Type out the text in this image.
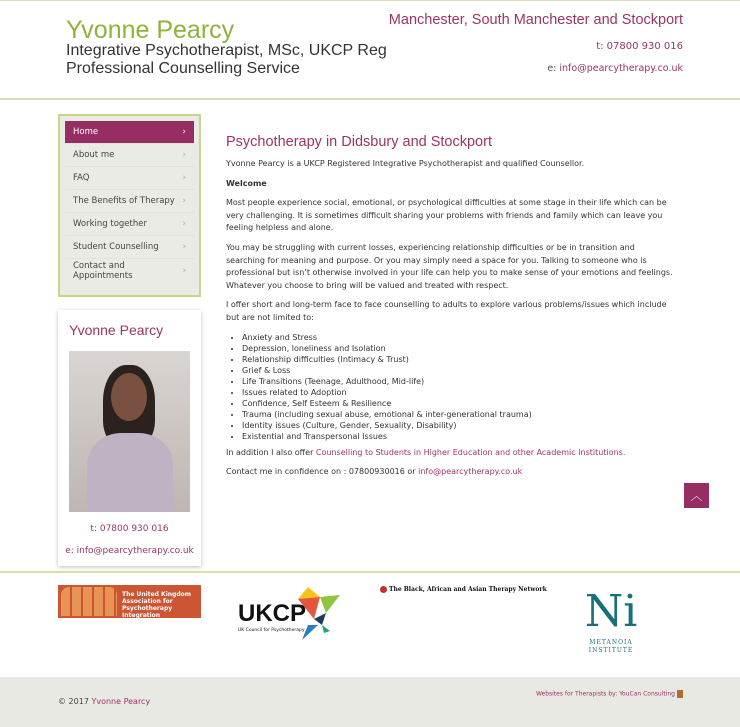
Yvonne Pearcy
Integrative Psychotherapist, MSc, UKCP Reg
Professional Counselling Service
Manchester, South Manchester and Stockport
t: 07800 930 016
e: info@pearcytherapy.co.uk
Home	›
About me	›
FAQ	›
The Benefits of Therapy ›
Working together	›
Student Counselling	›
Contact and Appointments	›
Yvonne Pearcy
t: 07800 930 016
e: info@pearcytherapy.co.uk
Psychotherapy in Didsbury and Stockport

Yvonne Pearcy is a UKCP Registered Integrative Psychotherapist and qualified Counsellor.

Welcome

Most people experience social, emotional, or psychological difficulties at some stage in their life which can be very challenging. It is sometimes difficult sharing your problems with friends and family which can leave you feeling helpless and alone.

You may be struggling with current losses, experiencing relationship difficulties or be in transition and searching for meaning and purpose. Or you may simply need a space for you. Talking to someone who is professional but isn’t otherwise involved in your life can help you to make sense of your emotions and feelings. Whatever you choose to bring will be valued and treated with respect.

I offer short and long-term face to face counselling to adults to explore various problems/issues which include but are not limited to:

• Anxiety and Stress
• Depression, loneliness and Isolation
• Relationship difficulties (Intimacy & Trust)
• Grief & Loss
• Life Transitions (Teenage, Adulthood, Mid-life)
• Issues related to Adoption
• Confidence, Self Esteem & Resilience
• Trauma (including sexual abuse, emotional & inter-generational trauma)
• Identity issues (Culture, Gender, Sexuality, Disability)
• Existential and Transpersonal Issues

In addition I also offer Counselling to Students in Higher Education and other Academic Institutions.

Contact me in confidence on : 07800930016 or info@pearcytherapy.co.uk

︿
The United Kingdom Association for Psychotherapy Integration	UKCP
UK Council for Psychotherapy
The Black, African and Asian Therapy Network Ni
METANOIA
INSTITUTE
© 2017 Yvonne Pearcy
Websites for Therapists by: YouCan Consulting
